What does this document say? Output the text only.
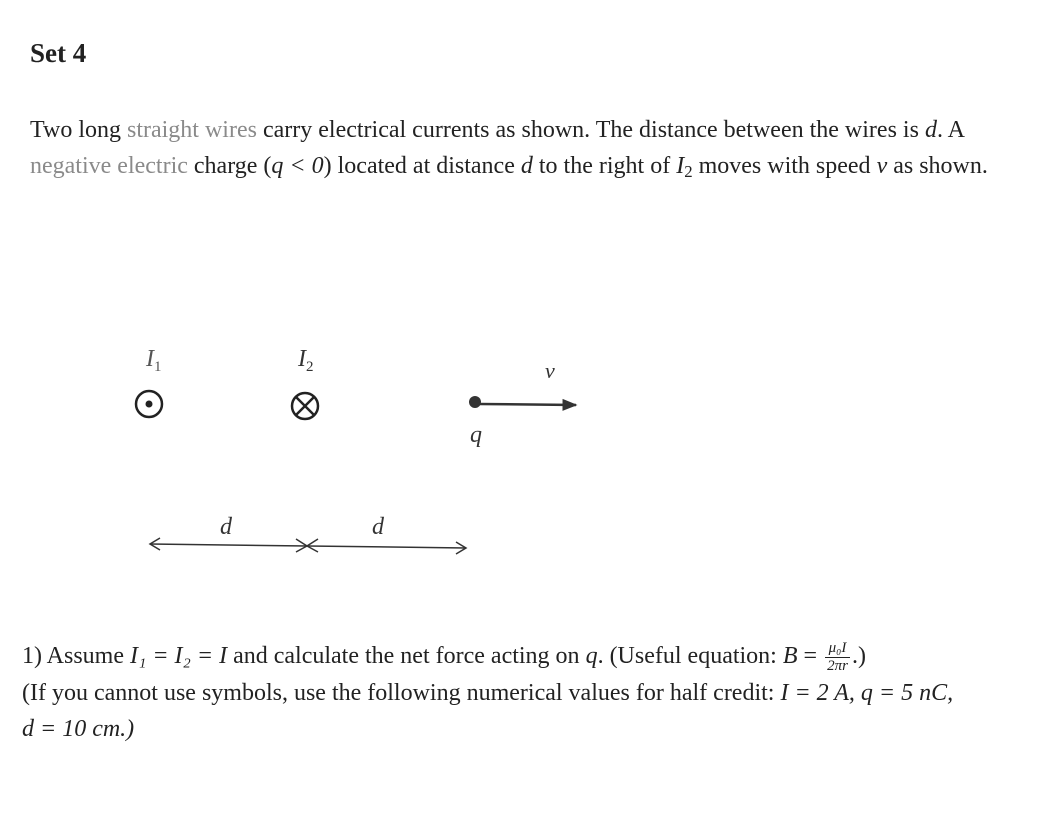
Set 4
Two long straight wires carry electrical currents as shown. The distance between the wires is d. A
negative electric charge (q < 0) located at distance d to the right of $I_2$ moves with speed v as shown.
$I_1$	$I_2$
q
v⃗
d	d
1) Assume I₁ = I₂ = I and calculate the net force acting on q. (Useful equation: $B = \frac{\text{μ₀I}}{2\pi r}$ .)
(If you cannot use symbols, use the following numerical values for half credit: I = 2 A, q = 5 nC,
d = 10 cm.)
